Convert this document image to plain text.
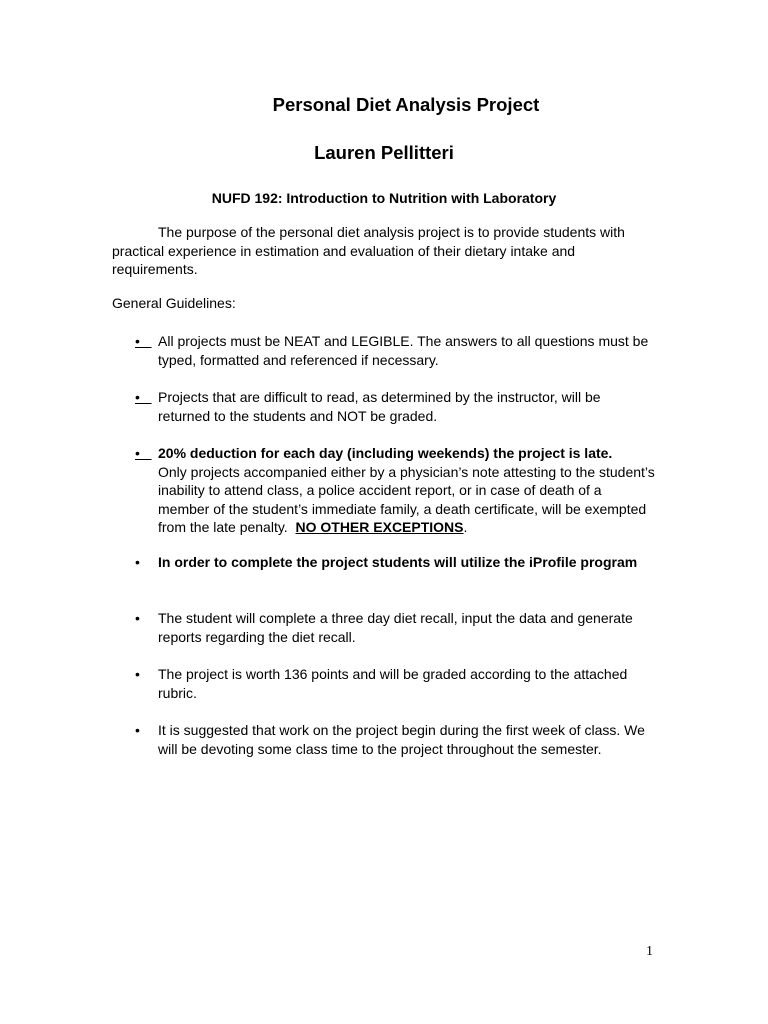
Personal Diet Analysis Project
Lauren Pellitteri

NUFD 192: Introduction to Nutrition with Laboratory

The purpose of the personal diet analysis project is to provide students with practical experience in estimation and evaluation of their dietary intake and requirements.

General Guidelines:

• All projects must be NEAT and LEGIBLE. The answers to all questions must be typed, formatted and referenced if necessary.
• Projects that are difficult to read, as determined by the instructor, will be returned to the students and NOT be graded.
• 20% deduction for each day (including weekends) the project is late.
Only projects accompanied either by a physician’s note attesting to the student’s inability to attend class, a police accident report, or in case of death of a member of the student’s immediate family, a death certificate, will be exempted from the late penalty. NO OTHER EXCEPTIONS.
•	In order to complete the project students will utilize the iProfile program
•	The student will complete a three day diet recall, input the data and generate reports regarding the diet recall.
•	The project is worth 136 points and will be graded according to the attached rubric.
•	It is suggested that work on the project begin during the first week of class. We will be devoting some class time to the project throughout the semester.
1
